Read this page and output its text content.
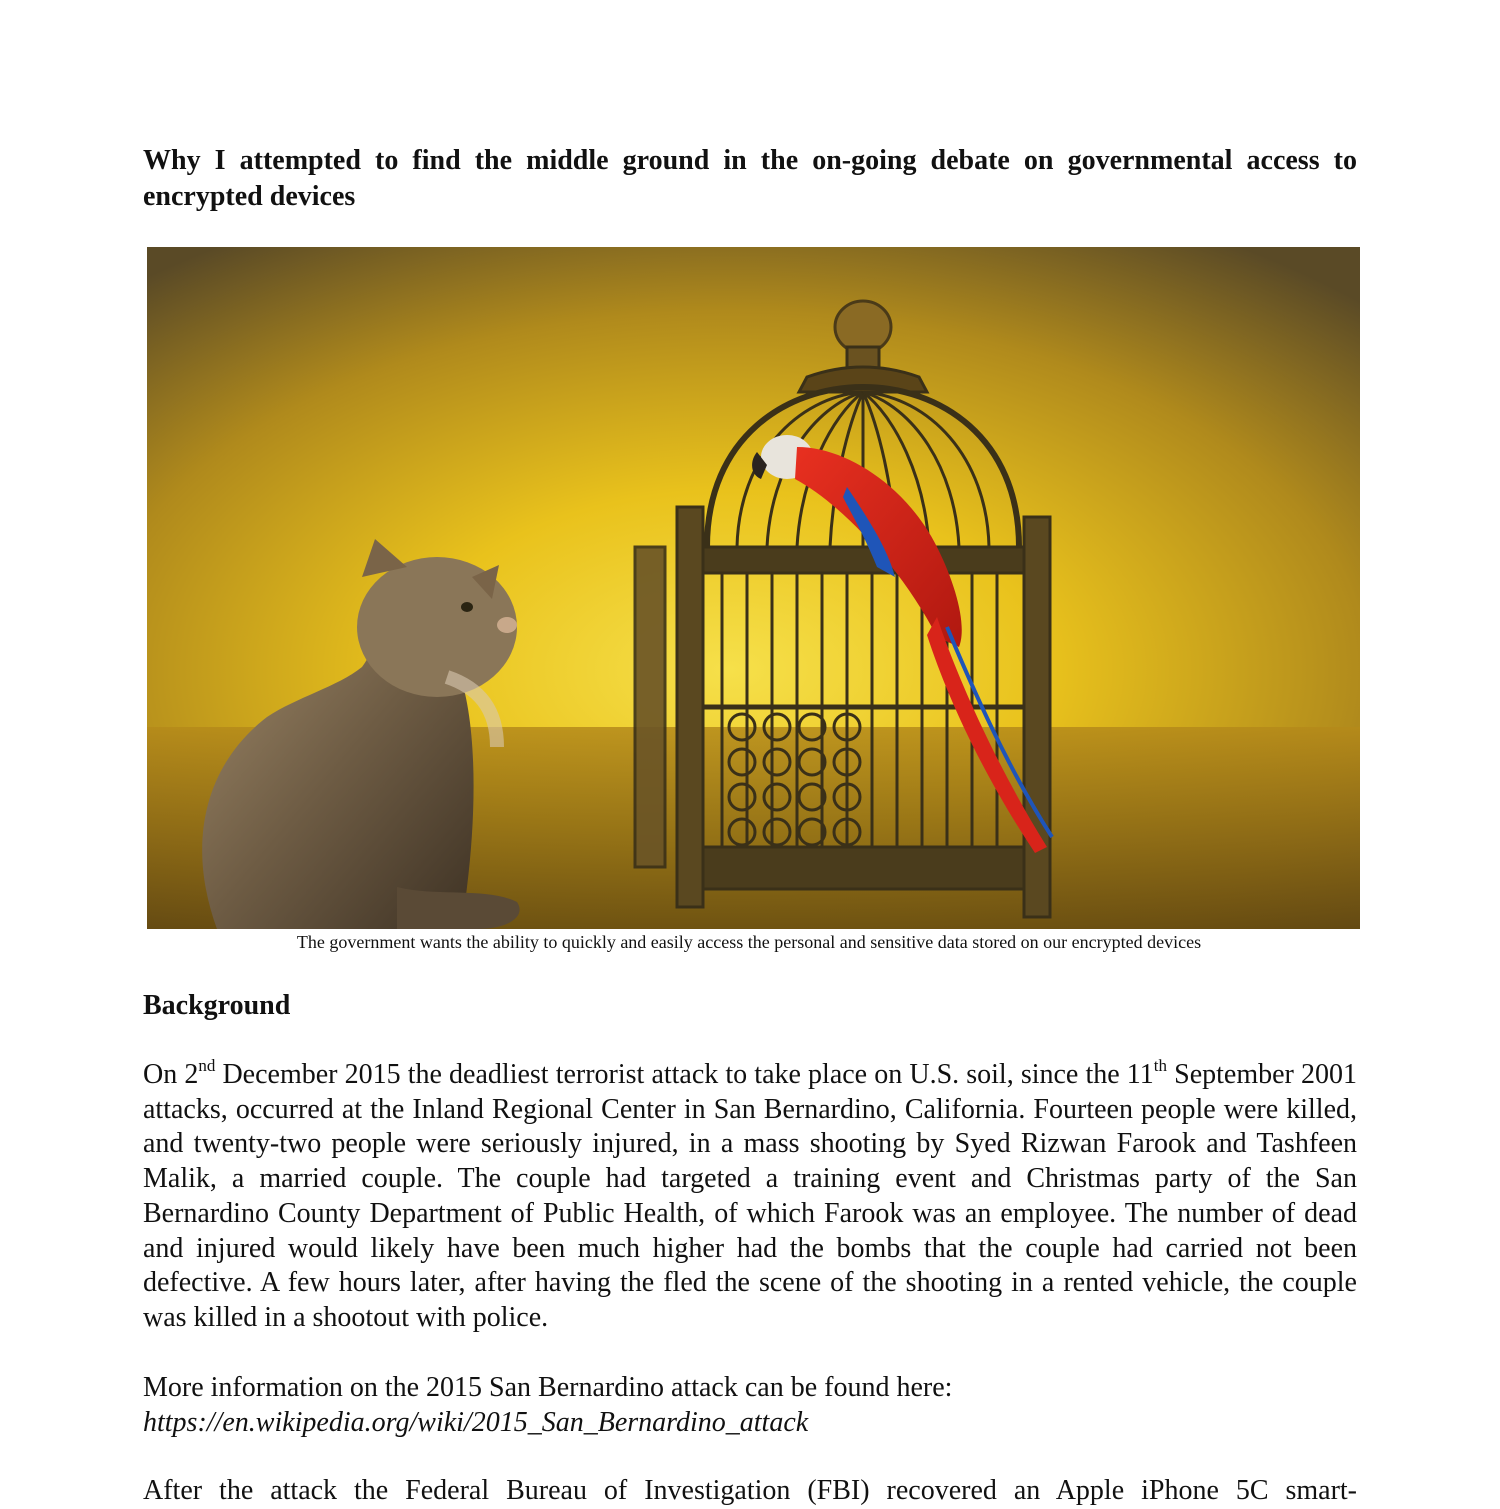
Why I attempted to find the middle ground in the on-going debate on governmental access to encrypted devices

The government wants the ability to quickly and easily access the personal and sensitive data stored on our encrypted devices

Background

On 2nd December 2015 the deadliest terrorist attack to take place on U.S. soil, since the 11th September 2001 attacks, occurred at the Inland Regional Center in San Bernardino, California. Fourteen people were killed, and twenty-two people were seriously injured, in a mass shooting by Syed Rizwan Farook and Tashfeen Malik, a married couple. The couple had targeted a training event and Christmas party of the San Bernardino County Department of Public Health, of which Farook was an employee. The number of dead and injured would likely have been much higher had the bombs that the couple had carried not been defective. A few hours later, after having the fled the scene of the shooting in a rented vehicle, the couple was killed in a shootout with police.

More information on the 2015 San Bernardino attack can be found here:
https://en.wikipedia.org/wiki/2015_San_Bernardino_attack

After the attack the Federal Bureau of Investigation (FBI) recovered an Apple iPhone 5C smart-
